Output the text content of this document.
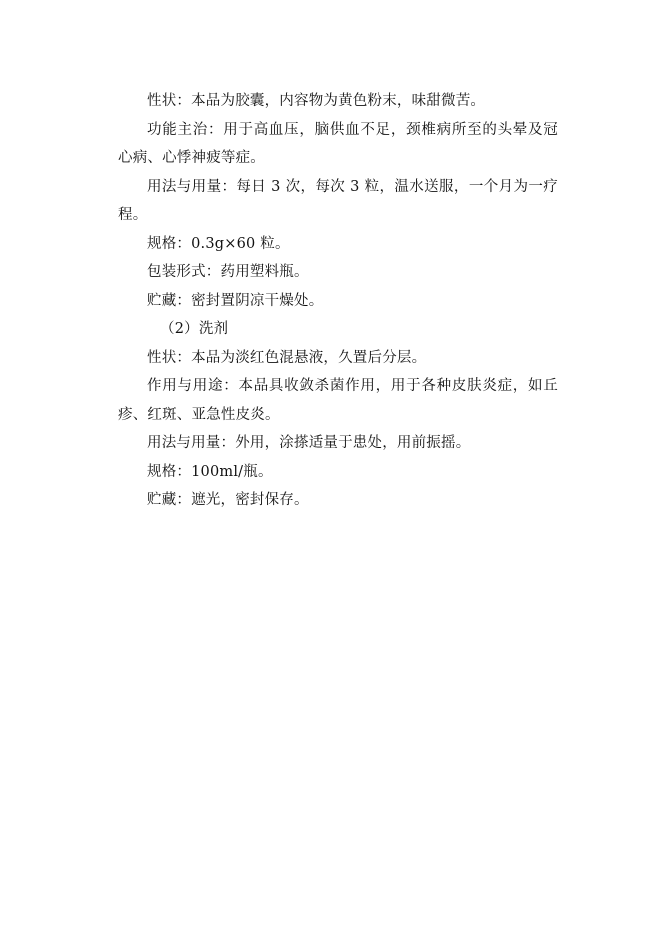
性状：本品为胶囊，内容物为黄色粉末，味甜微苦。

功能主治：用于高血压，脑供血不足，颈椎病所至的头晕及冠心病、心悸神疲等症。

用法与用量：每日 3 次，每次 3 粒，温水送服，一个月为一疗程。

规格：0.3g×60 粒。

包装形式：药用塑料瓶。

贮藏：密封置阴凉干燥处。

（2）洗剂

性状：本品为淡红色混悬液，久置后分层。

作用与用途：本品具收敛杀菌作用，用于各种皮肤炎症，如丘疹、红斑、亚急性皮炎。

用法与用量：外用，涂搽适量于患处，用前振摇。

规格：100ml/瓶。

贮藏：遮光，密封保存。
